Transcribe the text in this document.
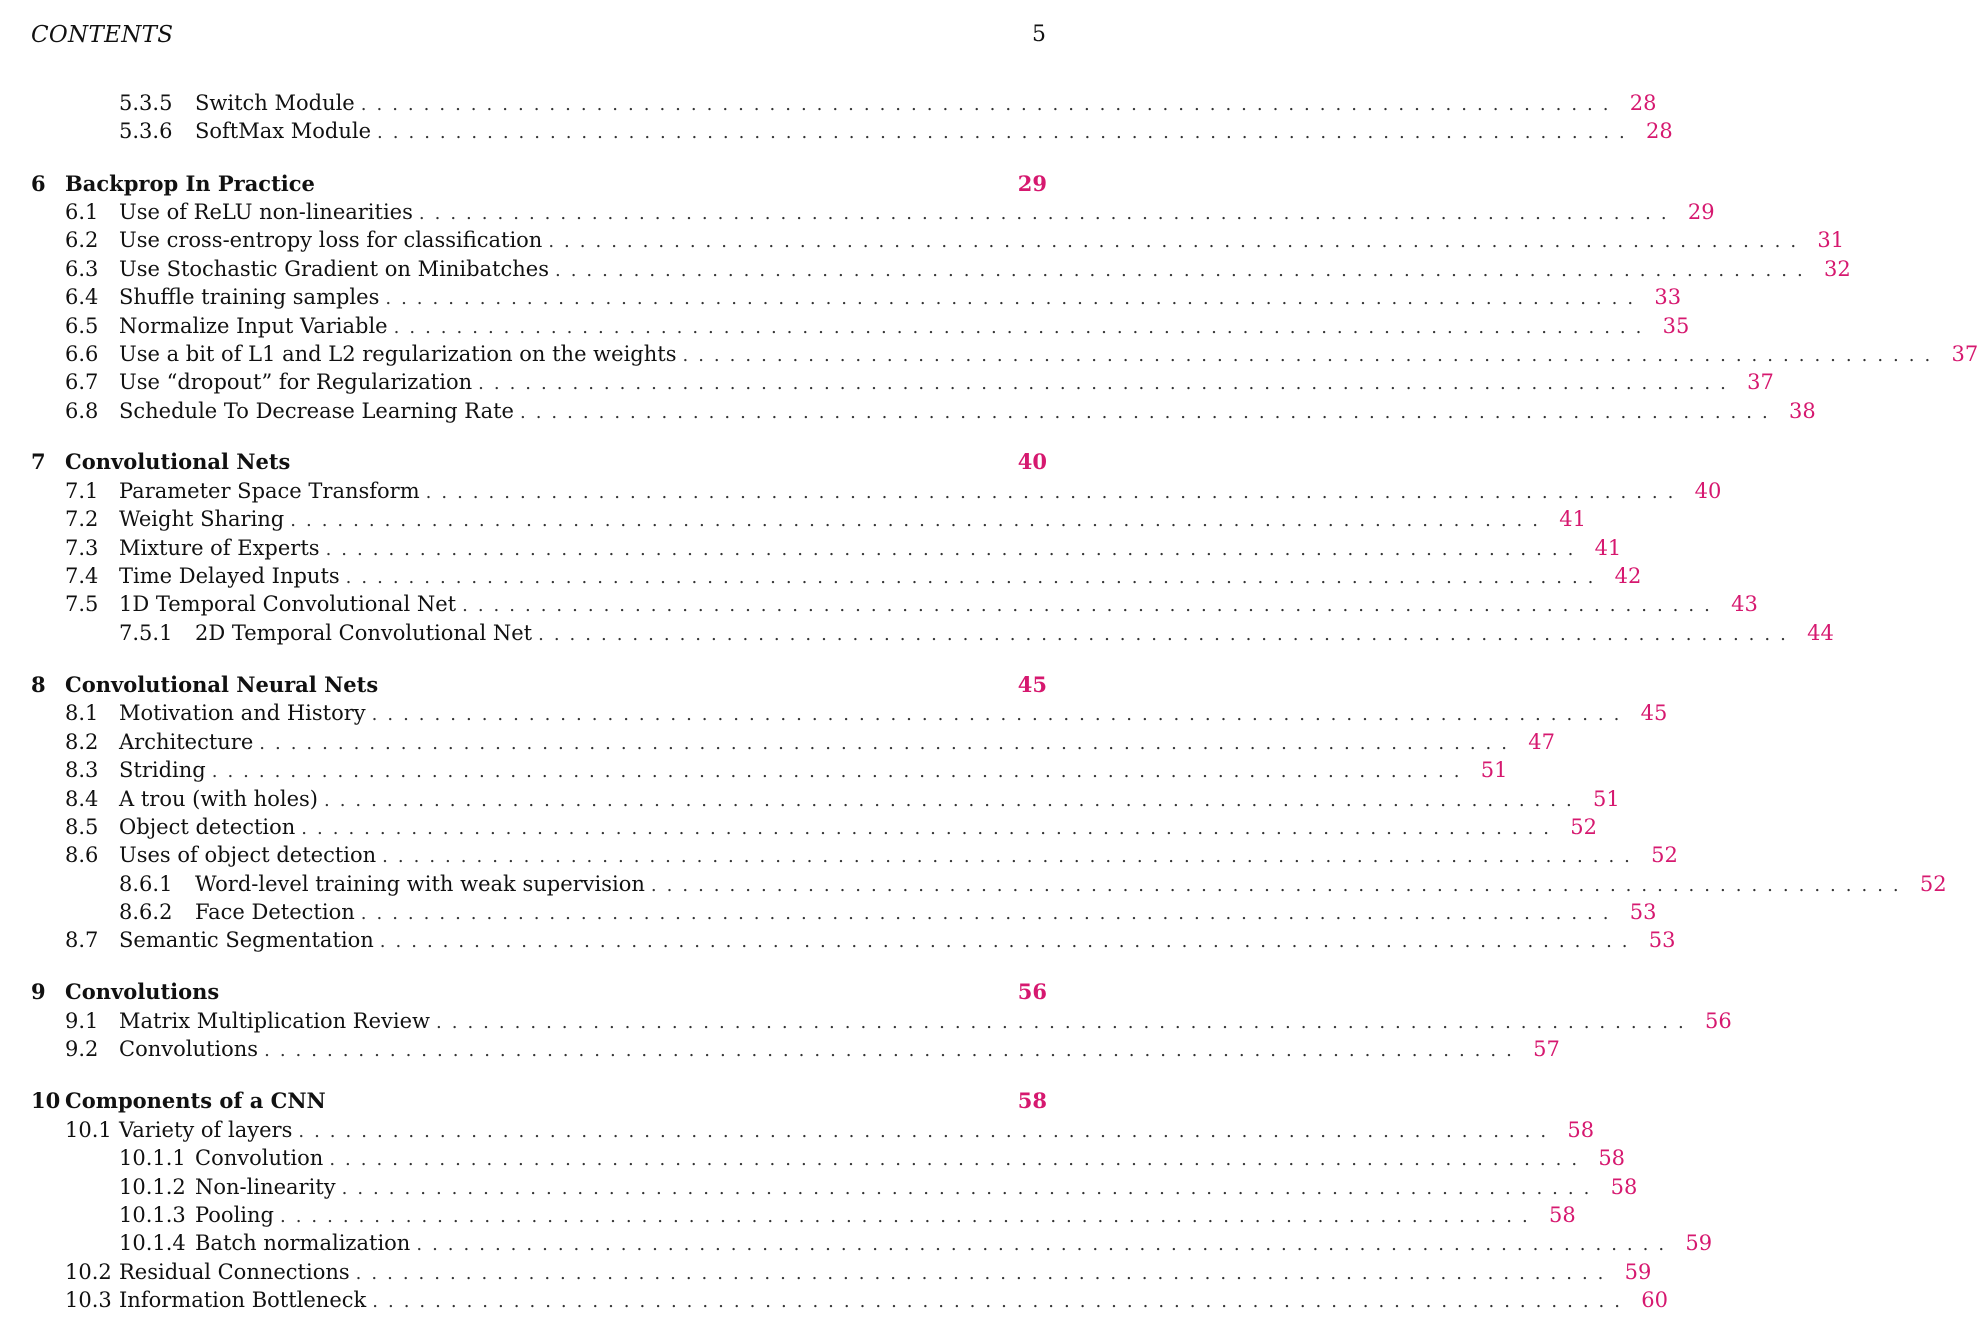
CONTENTS	5
5.3.5	Switch Module ................................................................................ 28
5.3.6	SoftMax Module ................................................................................ 28
6 Backprop In Practice	29
6.1 Use of ReLU non-linearities ................................................................................ 29
6.2 Use cross-entropy loss for classification ................................................................................ 31
6.3 Use Stochastic Gradient on Minibatches ................................................................................ 32
6.4 Shuffle training samples ................................................................................ 33
6.5 Normalize Input Variable ................................................................................ 35
6.6 Use a bit of L1 and L2 regularization on the weights ................................................................................ 37
6.7 Use “dropout” for Regularization ................................................................................ 37
6.8 Schedule To Decrease Learning Rate ................................................................................ 38
7 Convolutional Nets	40
7.1 Parameter Space Transform ................................................................................ 40
7.2 Weight Sharing ................................................................................ 41
7.3 Mixture of Experts ................................................................................ 41
7.4 Time Delayed Inputs ................................................................................ 42
7.5 1D Temporal Convolutional Net ................................................................................ 43
7.5.1	2D Temporal Convolutional Net ................................................................................ 44
8 Convolutional Neural Nets	45
8.1 Motivation and History ................................................................................ 45
8.2 Architecture ................................................................................ 47
8.3 Striding ................................................................................ 51
8.4 A trou (with holes) ................................................................................ 51
8.5 Object detection ................................................................................ 52
8.6 Uses of object detection ................................................................................ 52
8.6.1	Word-level training with weak supervision ................................................................................ 52
8.6.2	Face Detection ................................................................................ 53
8.7 Semantic Segmentation ................................................................................ 53
9 Convolutions	56
9.1 Matrix Multiplication Review ................................................................................ 56
9.2 Convolutions ................................................................................ 57
10 Components of a CNN	58
10.1 Variety of layers ................................................................................ 58
10.1.1 Convolution ................................................................................ 58
10.1.2 Non-linearity ................................................................................ 58
10.1.3 Pooling ................................................................................ 58
10.1.4 Batch normalization ................................................................................ 59
10.2 Residual Connections ................................................................................ 59
10.3 Information Bottleneck ................................................................................ 60
